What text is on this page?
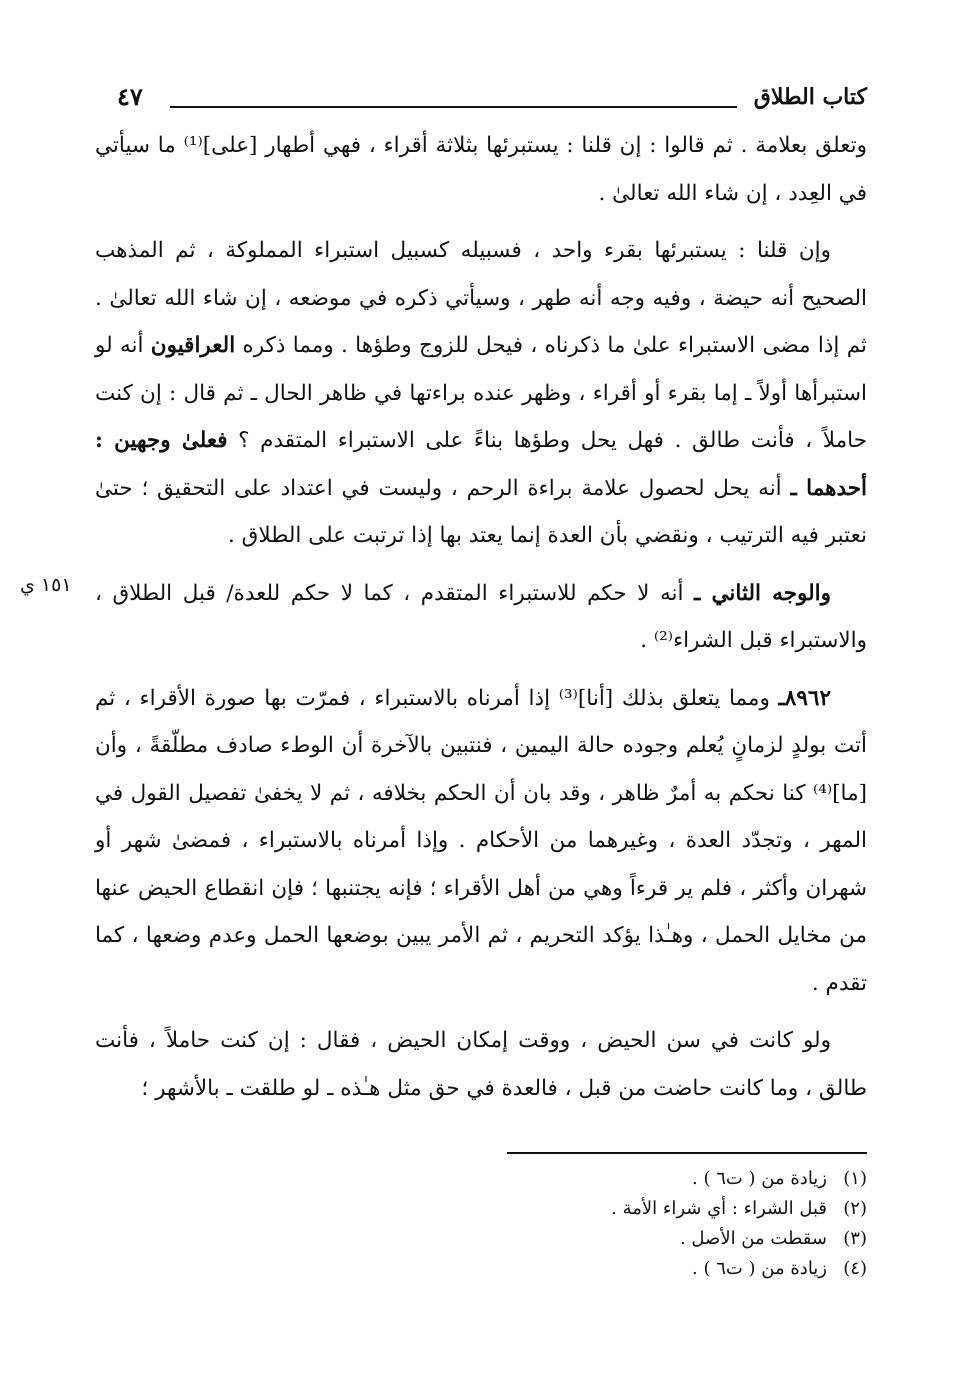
كتاب الطلاق
٤٧

وتعلق بعلامة . ثم قالوا : إن قلنا : يستبرئها بثلاثة أقراء ، فهي أطهار [على]⁽¹⁾ ما سيأتي في العِدد ، إن شاء الله تعالىٰ .

وإن قلنا : يستبرئها بقرء واحد ، فسبيله كسبيل استبراء المملوكة ، ثم المذهب الصحيح أنه حيضة ، وفيه وجه أنه طهر ، وسيأتي ذكره في موضعه ، إن شاء الله تعالىٰ . ثم إذا مضى الاستبراء علىٰ ما ذكرناه ، فيحل للزوج وطؤها . ومما ذكره العراقيون أنه لو استبرأها أولاً ـ إما بقرء أو أقراء ، وظهر عنده براءتها في ظاهر الحال ـ ثم قال : إن كنت حاملاً ، فأنت طالق . فهل يحل وطؤها بناءً على الاستبراء المتقدم ؟ فعلىٰ وجهين : أحدهما ـ أنه يحل لحصول علامة براءة الرحم ، وليست في اعتداد على التحقيق ؛ حتىٰ نعتبر فيه الترتيب ، ونقضي بأن العدة إنما يعتد بها إذا ترتبت على الطلاق .

١٥١ ي	والوجه الثاني ـ أنه لا حكم للاستبراء المتقدم ، كما لا حكم للعدة/ قبل الطلاق ، والاستبراء قبل الشراء⁽²⁾ .

٨٩٦٢ـ ومما يتعلق بذلك [أنا]⁽³⁾ إذا أمرناه بالاستبراء ، فمرّت بها صورة الأقراء ، ثم أتت بولدٍ لزمانٍ يُعلم وجوده حالة اليمين ، فنتبين بالآخرة أن الوطء صادف مطلّقةً ، وأن [ما]⁽⁴⁾ كنا نحكم به أمرٌ ظاهر ، وقد بان أن الحكم بخلافه ، ثم لا يخفىٰ تفصيل القول في المهر ، وتجدّد العدة ، وغيرهما من الأحكام . وإذا أمرناه بالاستبراء ، فمضىٰ شهر أو شهران وأكثر ، فلم ير قرءاً وهي من أهل الأقراء ؛ فإنه يجتنبها ؛ فإن انقطاع الحيض عنها من مخايل الحمل ، وهـٰذا يؤكد التحريم ، ثم الأمر يبين بوضعها الحمل وعدم وضعها ، كما تقدم .

ولو كانت في سن الحيض ، ووقت إمكان الحيض ، فقال : إن كنت حاملاً ، فأنت طالق ، وما كانت حاضت من قبل ، فالعدة في حق مثل هـٰذه ـ لو طلقت ـ بالأشهر ؛

(١)زيادة من ( ت٦ ) .
(٢)قبل الشراء : أي شراء الأمة .
(٣)سقطت من الأصل .
(٤)زيادة من ( ت٦ ) .
